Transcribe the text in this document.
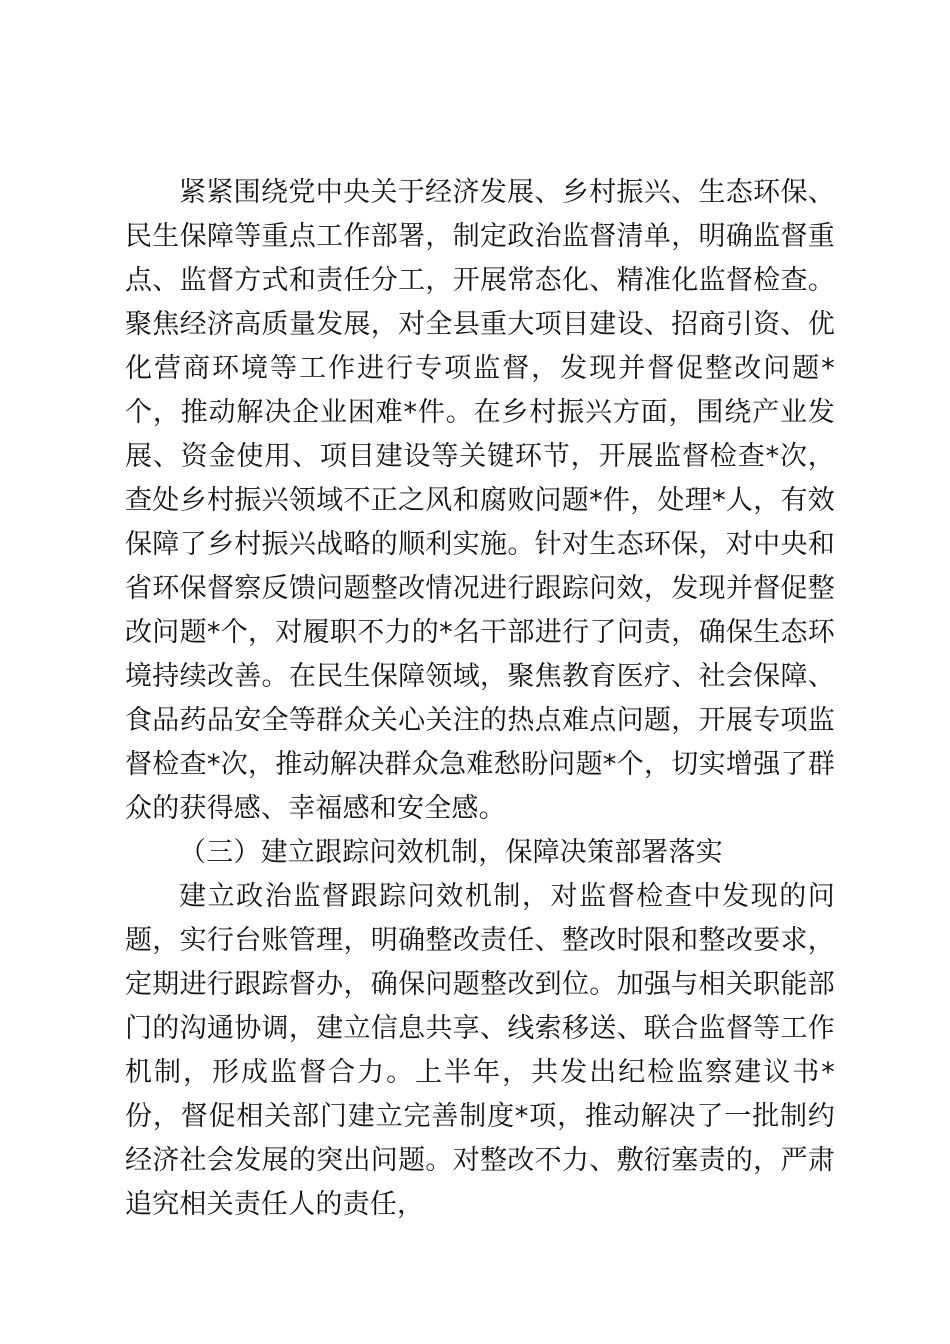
紧紧围绕党中央关于经济发展、乡村振兴、生态环保、民生保障等重点工作部署，制定政治监督清单，明确监督重点、监督方式和责任分工，开展常态化、精准化监督检查。聚焦经济高质量发展，对全县重大项目建设、招商引资、优化营商环境等工作进行专项监督，发现并督促整改问题*个，推动解决企业困难*件。在乡村振兴方面，围绕产业发展、资金使用、项目建设等关键环节，开展监督检查*次，查处乡村振兴领域不正之风和腐败问题*件，处理*人，有效保障了乡村振兴战略的顺利实施。针对生态环保，对中央和省环保督察反馈问题整改情况进行跟踪问效，发现并督促整改问题*个，对履职不力的*名干部进行了问责，确保生态环境持续改善。在民生保障领域，聚焦教育医疗、社会保障、食品药品安全等群众关心关注的热点难点问题，开展专项监督检查*次，推动解决群众急难愁盼问题*个，切实增强了群众的获得感、幸福感和安全感。

（三）建立跟踪问效机制，保障决策部署落实

建立政治监督跟踪问效机制，对监督检查中发现的问题，实行台账管理，明确整改责任、整改时限和整改要求，定期进行跟踪督办，确保问题整改到位。加强与相关职能部门的沟通协调，建立信息共享、线索移送、联合监督等工作机制，形成监督合力。上半年，共发出纪检监察建议书*份，督促相关部门建立完善制度*项，推动解决了一批制约经济社会发展的突出问题。对整改不力、敷衍塞责的，严肃追究相关责任人的责任，
